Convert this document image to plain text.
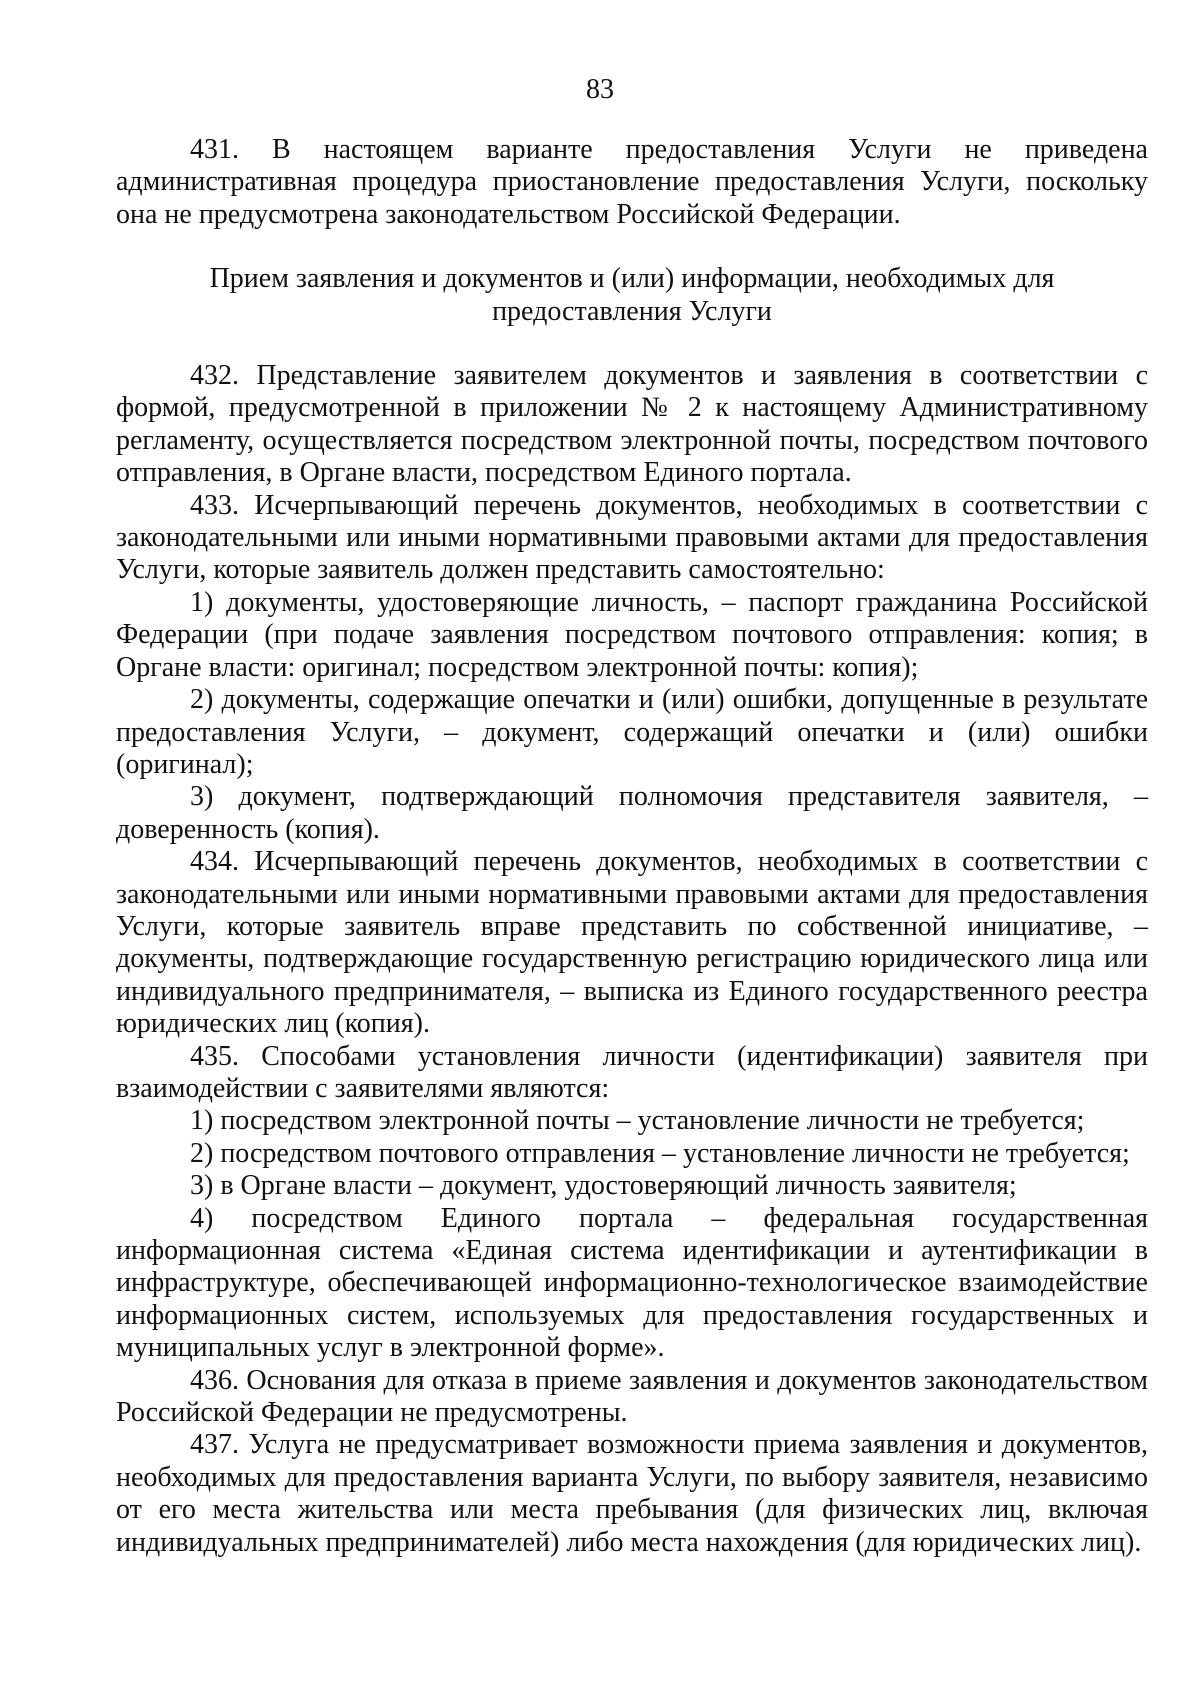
83

431. В настоящем варианте предоставления Услуги не приведена административная процедура приостановление предоставления Услуги, поскольку она не предусмотрена законодательством Российской Федерации.

Прием заявления и документов и (или) информации, необходимых для предоставления Услуги

432. Представление заявителем документов и заявления в соответствии с формой, предусмотренной в приложении № 2 к настоящему Административному регламенту, осуществляется посредством электронной почты, посредством почтового отправления, в Органе власти, посредством Единого портала.

433. Исчерпывающий перечень документов, необходимых в соответствии с законодательными или иными нормативными правовыми актами для предоставления Услуги, которые заявитель должен представить самостоятельно:

1) документы, удостоверяющие личность, – паспорт гражданина Российской Федерации (при подаче заявления посредством почтового отправления: копия; в Органе власти: оригинал; посредством электронной почты: копия);

2) документы, содержащие опечатки и (или) ошибки, допущенные в результате предоставления Услуги, – документ, содержащий опечатки и (или) ошибки (оригинал);

3) документ, подтверждающий полномочия представителя заявителя, – доверенность (копия).

434. Исчерпывающий перечень документов, необходимых в соответствии с законодательными или иными нормативными правовыми актами для предоставления Услуги, которые заявитель вправе представить по собственной инициативе, – документы, подтверждающие государственную регистрацию юридического лица или индивидуального предпринимателя, – выписка из Единого государственного реестра юридических лиц (копия).

435. Способами установления личности (идентификации) заявителя при взаимодействии с заявителями являются:

1) посредством электронной почты – установление личности не требуется;

2) посредством почтового отправления – установление личности не требуется;

3) в Органе власти – документ, удостоверяющий личность заявителя;

4) посредством Единого портала – федеральная государственная информационная система «Единая система идентификации и аутентификации в инфраструктуре, обеспечивающей информационно-технологическое взаимодействие информационных систем, используемых для предоставления государственных и муниципальных услуг в электронной форме».

436. Основания для отказа в приеме заявления и документов законодательством Российской Федерации не предусмотрены.

437. Услуга не предусматривает возможности приема заявления и документов, необходимых для предоставления варианта Услуги, по выбору заявителя, независимо от его места жительства или места пребывания (для физических лиц, включая индивидуальных предпринимателей) либо места нахождения (для юридических лиц).
